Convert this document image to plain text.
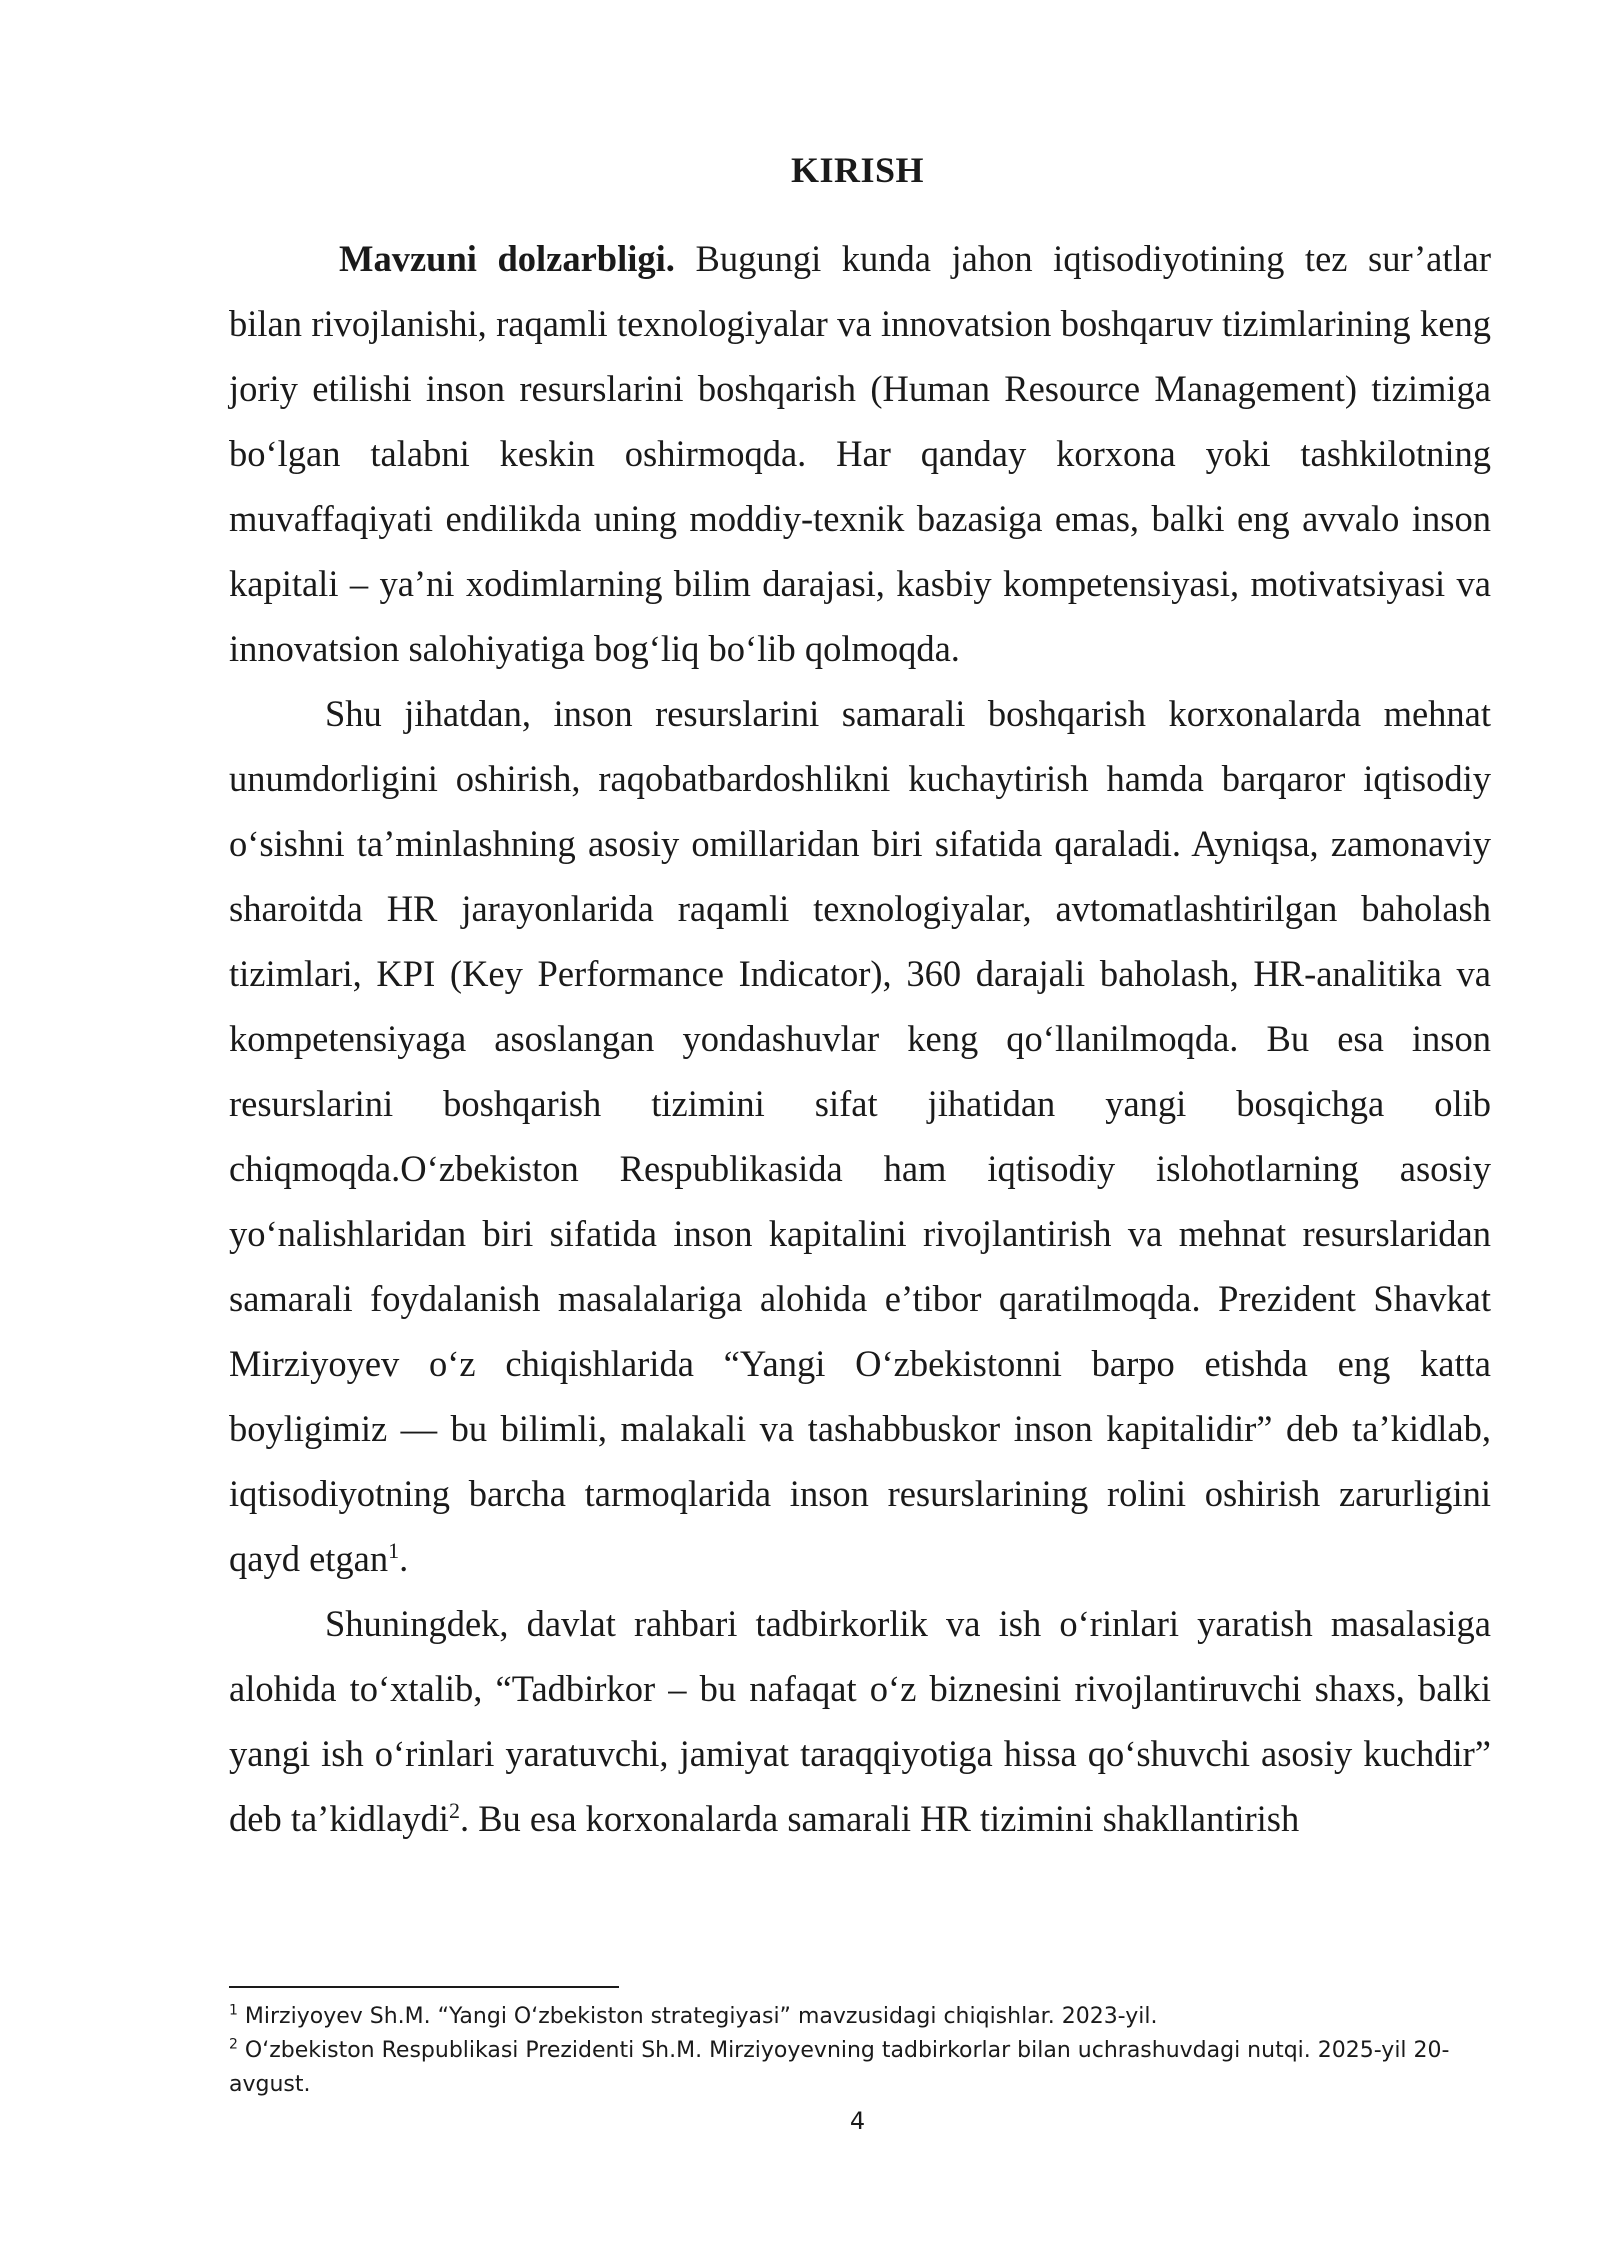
KIRISH

Mavzuni dolzarbligi. Bugungi kunda jahon iqtisodiyotining tez sur’atlar bilan rivojlanishi, raqamli texnologiyalar va innovatsion boshqaruv tizimlarining keng joriy etilishi inson resurslarini boshqarish (Human Resource Management) tizimiga bo‘lgan talabni keskin oshirmoqda. Har qanday korxona yoki tashkilotning muvaffaqiyati endilikda uning moddiy-texnik bazasiga emas, balki eng avvalo inson kapitali – ya’ni xodimlarning bilim darajasi, kasbiy kompetensiyasi, motivatsiyasi va innovatsion salohiyatiga bog‘liq bo‘lib qolmoqda.

Shu jihatdan, inson resurslarini samarali boshqarish korxonalarda mehnat unumdorligini oshirish, raqobatbardoshlikni kuchaytirish hamda barqaror iqtisodiy o‘sishni ta’minlashning asosiy omillaridan biri sifatida qaraladi. Ayniqsa, zamonaviy sharoitda HR jarayonlarida raqamli texnologiyalar, avtomatlashtirilgan baholash tizimlari, KPI (Key Performance Indicator), 360 darajali baholash, HR-analitika va kompetensiyaga asoslangan yondashuvlar keng qo‘llanilmoqda. Bu esa inson resurslarini boshqarish tizimini sifat jihatidan yangi bosqichga olib chiqmoqda.O‘zbekiston Respublikasida ham iqtisodiy islohotlarning asosiy yo‘nalishlaridan biri sifatida inson kapitalini rivojlantirish va mehnat resurslaridan samarali foydalanish masalalariga alohida e’tibor qaratilmoqda. Prezident Shavkat Mirziyoyev o‘z chiqishlarida “Yangi O‘zbekistonni barpo etishda eng katta boyligimiz — bu bilimli, malakali va tashabbuskor inson kapitalidir” deb ta’kidlab, iqtisodiyotning barcha tarmoqlarida inson resurslarining rolini oshirish zarurligini qayd etgan$^1$.

Shuningdek, davlat rahbari tadbirkorlik va ish o‘rinlari yaratish masalasiga alohida to‘xtalib, “Tadbirkor – bu nafaqat o‘z biznesini rivojlantiruvchi shaxs, balki yangi ish o‘rinlari yaratuvchi, jamiyat taraqqiyotiga hissa qo‘shuvchi asosiy kuchdir” deb ta’kidlaydi$^2$. Bu esa korxonalarda samarali HR tizimini shakllantirish

$^1$ Mirziyoyev Sh.M. “Yangi O‘zbekiston strategiyasi” mavzusidagi chiqishlar. 2023-yil.

$^2$ O‘zbekiston Respublikasi Prezidenti Sh.M. Mirziyoyevning tadbirkorlar bilan uchrashuvdagi nutqi. 2025-yil 20-avgust.

4
